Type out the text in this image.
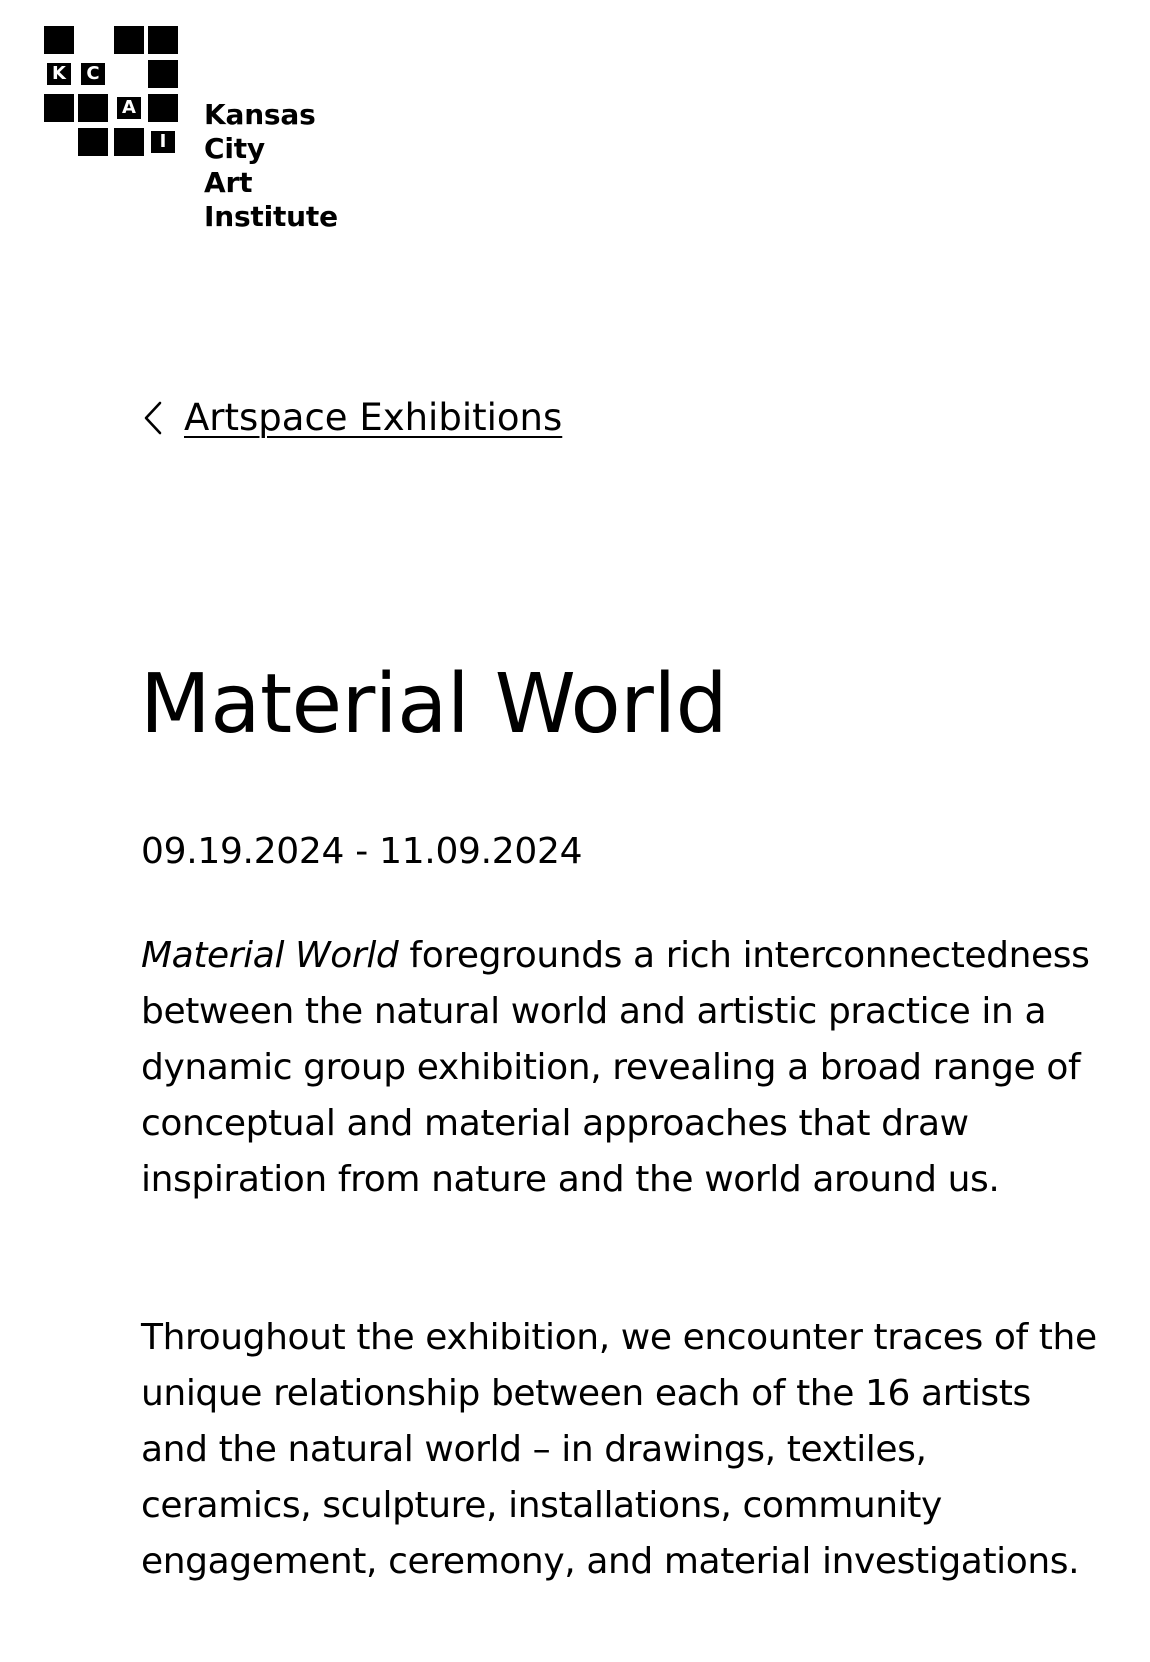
K C
A
I
Kansas City
Art Institute
Artspace Exhibitions
Material World
09.19.2024 - 11.09.2024

Material World foregrounds a rich interconnectedness between the natural world and artistic practice in a dynamic group exhibition, revealing a broad range of conceptual and material approaches that draw inspiration from nature and the world around us.

Throughout the exhibition, we encounter traces of the unique relationship between each of the 16 artists and the natural world – in drawings, textiles, ceramics, sculpture, installations, community engagement, ceremony, and material investigations.
